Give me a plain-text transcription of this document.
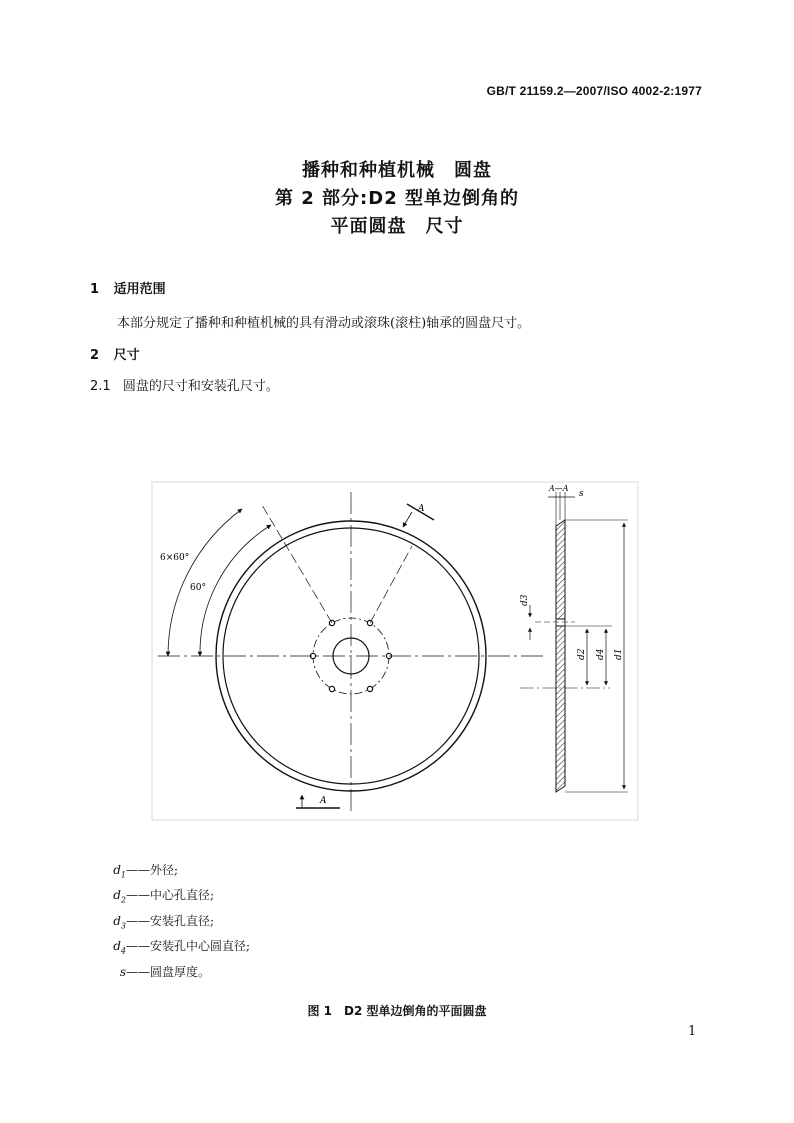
GB/T 21159.2—2007/ISO 4002-2:1977
播种和种植机械　圆盘
第 2 部分:D2 型单边倒角的
平面圆盘　尺寸
1 适用范围
本部分规定了播种和种植机械的具有滑动或滚珠(滚柱)轴承的圆盘尺寸。
2 尺寸
2.1 圆盘的尺寸和安装孔尺寸。
6×60°
60°
A
A
A—A
s
d1
d4
d2
d3
$d_1——$外径;
$d_2——$中心孔直径;
$d_3——$安装孔直径;
$d_4——$安装孔中心圆直径;
s——圆盘厚度。
图 1　D2 型单边倒角的平面圆盘
1
